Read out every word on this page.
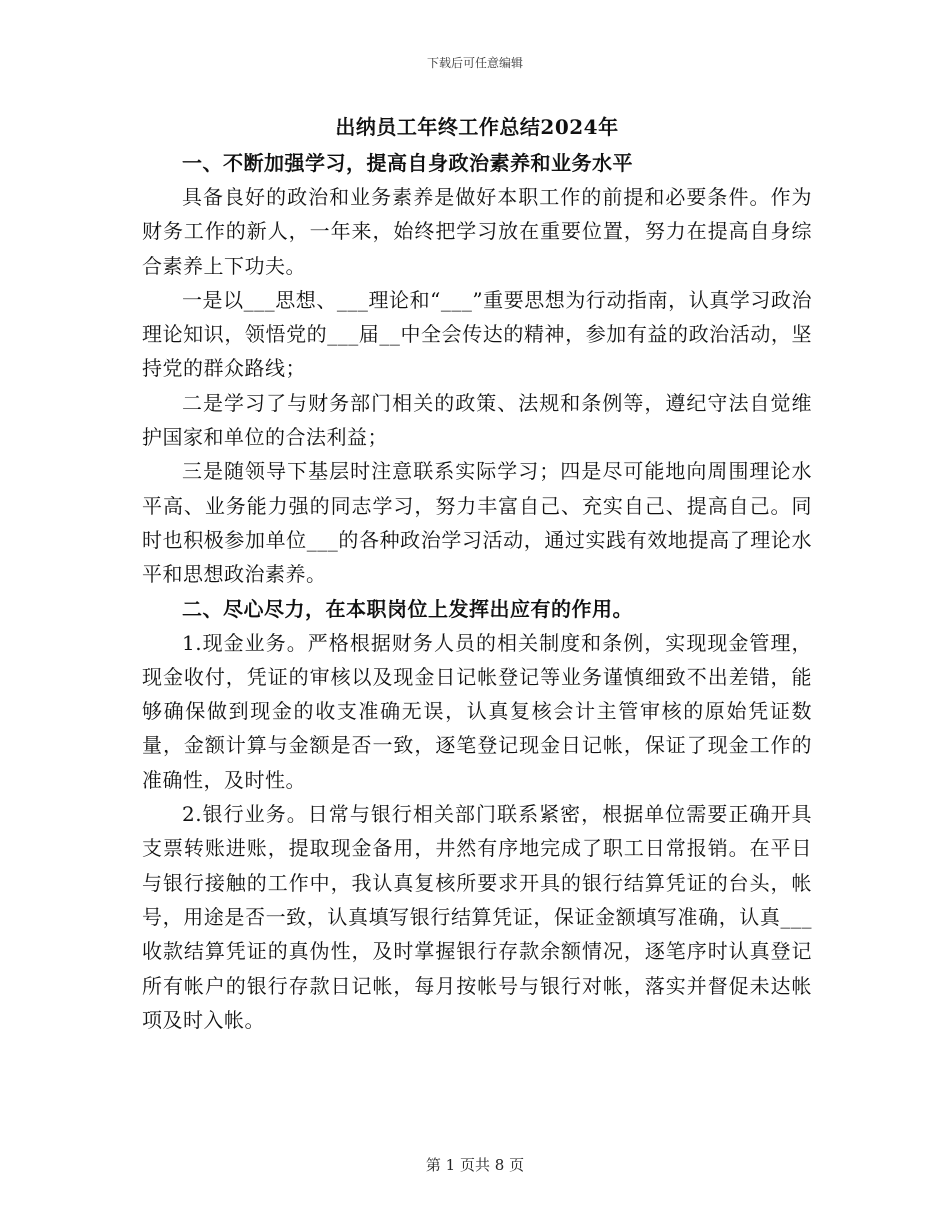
下载后可任意编辑
出纳员工年终工作总结2024年
一、不断加强学习，提高自身政治素养和业务水平

具备良好的政治和业务素养是做好本职工作的前提和必要条件。作为财务工作的新人，一年来，始终把学习放在重要位置，努力在提高自身综合素养上下功夫。

一是以___思想、___理论和“___”重要思想为行动指南，认真学习政治理论知识，领悟党的___届__中全会传达的精神，参加有益的政治活动，坚持党的群众路线；

二是学习了与财务部门相关的政策、法规和条例等，遵纪守法自觉维护国家和单位的合法利益；

三是随领导下基层时注意联系实际学习；四是尽可能地向周围理论水平高、业务能力强的同志学习，努力丰富自己、充实自己、提高自己。同时也积极参加单位___的各种政治学习活动，通过实践有效地提高了理论水平和思想政治素养。

二、尽心尽力，在本职岗位上发挥出应有的作用。

1.现金业务。严格根据财务人员的相关制度和条例，实现现金管理，现金收付，凭证的审核以及现金日记帐登记等业务谨慎细致不出差错，能够确保做到现金的收支准确无误，认真复核会计主管审核的原始凭证数量，金额计算与金额是否一致，逐笔登记现金日记帐，保证了现金工作的准确性，及时性。

2.银行业务。日常与银行相关部门联系紧密，根据单位需要正确开具支票转账进账，提取现金备用，井然有序地完成了职工日常报销。在平日与银行接触的工作中，我认真复核所要求开具的银行结算凭证的台头，帐号，用途是否一致，认真填写银行结算凭证，保证金额填写准确，认真___收款结算凭证的真伪性，及时掌握银行存款余额情况，逐笔序时认真登记所有帐户的银行存款日记帐，每月按帐号与银行对帐，落实并督促未达帐项及时入帐。

第 1 页共 8 页
